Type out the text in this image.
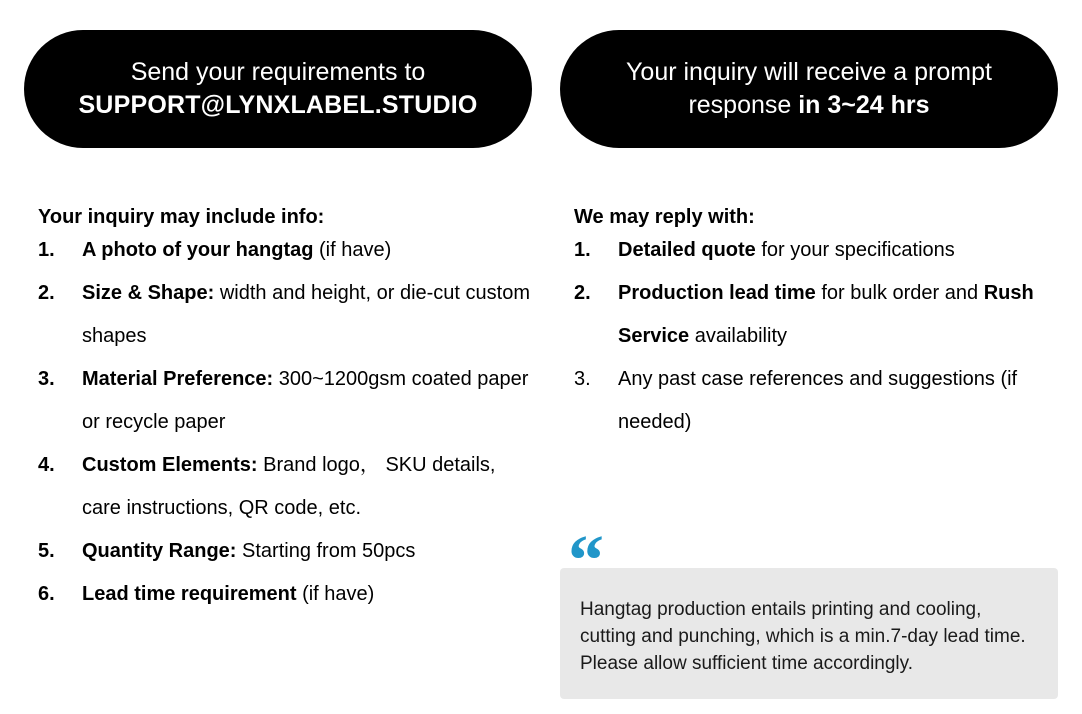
Send your requirements to
SUPPORT@LYNXLABEL.STUDIO
Your inquiry may include info:
1. A photo of your hangtag (if have)
2. Size & Shape: width and height, or die-cut custom shapes
3. Material Preference: 300~1200gsm coated paper or recycle paper
4. Custom Elements: Brand logo， SKU details, care instructions, QR code, etc.
5. Quantity Range: Starting from 50pcs
6. Lead time requirement (if have)
Your inquiry will receive a prompt
response in 3~24 hrs
We may reply with:
1. Detailed quote for your specifications
2. Production lead time for bulk order and Rush Service availability
3. Any past case references and suggestions (if needed)
“
Hangtag production entails printing and cooling, cutting and punching, which is a min.7-day lead time. Please allow sufficient time accordingly.
